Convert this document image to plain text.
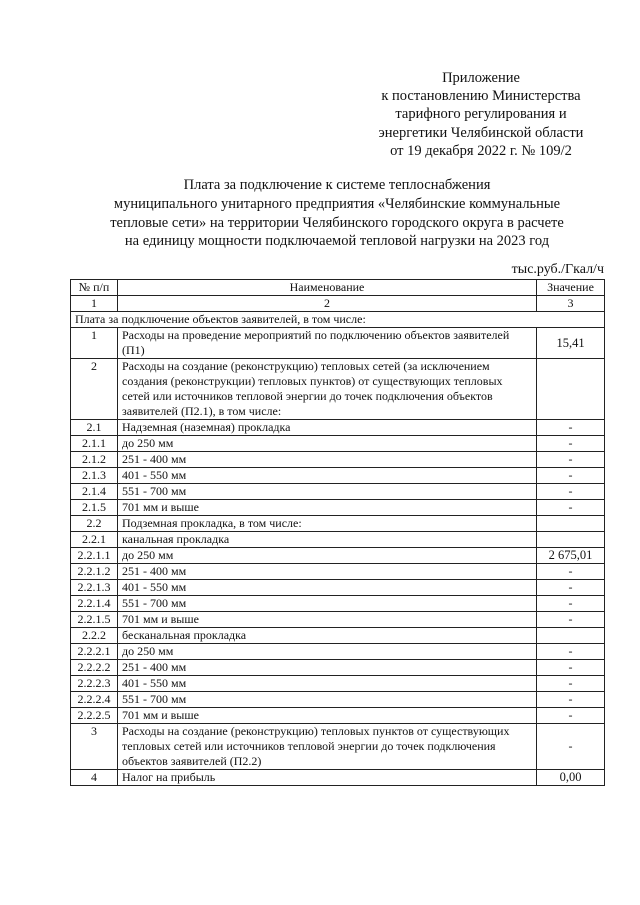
Приложение
к постановлению Министерства
тарифного регулирования и
энергетики Челябинской области
от 19 декабря 2022 г. № 109/2
Плата за подключение к системе теплоснабжения
муниципального унитарного предприятия «Челябинские коммунальные
тепловые сети» на территории Челябинского городского округа в расчете
на единицу мощности подключаемой тепловой нагрузки на 2023 год
тыс.руб./Гкал/ч
№ п/п	Наименование	Значение
1	2	3
Плата за подключение объектов заявителей, в том числе:		
1	Расходы на проведение мероприятий по подключению объектов заявителей (П1)	15,41
2	Расходы на создание (реконструкцию) тепловых сетей (за исключением создания (реконструкции) тепловых пунктов) от существующих тепловых сетей или источников тепловой энергии до точек подключения объектов заявителей (П2.1), в том числе:	
2.1	Надземная (наземная) прокладка	-
2.1.1	до 250 мм	-
2.1.2	251 - 400 мм	-
2.1.3	401 - 550 мм	-
2.1.4	551 - 700 мм	-
2.1.5	701 мм и выше	-
2.2	Подземная прокладка, в том числе:	
2.2.1	канальная прокладка	
2.2.1.1	до 250 мм	2 675,01
2.2.1.2	251 - 400 мм	-
2.2.1.3	401 - 550 мм	-
2.2.1.4	551 - 700 мм	-
2.2.1.5	701 мм и выше	-
2.2.2	бесканальная прокладка	
2.2.2.1	до 250 мм	-
2.2.2.2	251 - 400 мм	-
2.2.2.3	401 - 550 мм	-
2.2.2.4	551 - 700 мм	-
2.2.2.5	701 мм и выше	-
3	Расходы на создание (реконструкцию) тепловых пунктов от существующих тепловых сетей или источников тепловой энергии до точек подключения объектов заявителей (П2.2)	-
4	Налог на прибыль	0,00
